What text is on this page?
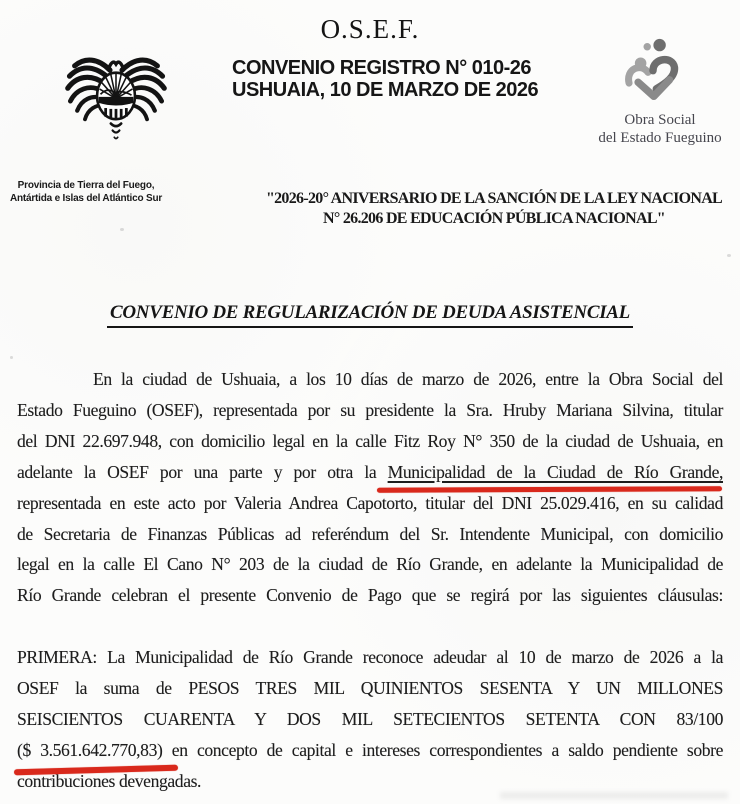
O.S.E.F.
CONVENIO REGISTRO N° 010-26
USHUAIA, 10 DE MARZO DE 2026
Provincia de Tierra del Fuego,
Antártida e Islas del Atlántico Sur
Obra Social
del Estado Fueguino
"2026-20° ANIVERSARIO DE LA SANCIÓN DE LA LEY NACIONAL
N° 26.206 DE EDUCACIÓN PÚBLICA NACIONAL"
CONVENIO DE REGULARIZACIÓN DE DEUDA ASISTENCIAL
En la ciudad de Ushuaia, a los 10 días de marzo de 2026, entre la Obra Social del
Estado Fueguino (OSEF), representada por su presidente la Sra. Hruby Mariana Silvina, titular
del DNI 22.697.948, con domicilio legal en la calle Fitz Roy N° 350 de la ciudad de Ushuaia, en
adelante la OSEF por una parte y por otra la Municipalidad de la Ciudad de Río Grande,
representada en este acto por Valeria Andrea Capotorto, titular del DNI 25.029.416, en su calidad
de Secretaria de Finanzas Públicas ad referéndum del Sr. Intendente Municipal, con domicilio
legal en la calle El Cano N° 203 de la ciudad de Río Grande, en adelante la Municipalidad de
Río Grande celebran el presente Convenio de Pago que se regirá por las siguientes cláusulas:
PRIMERA: La Municipalidad de Río Grande reconoce adeudar al 10 de marzo de 2026 a la
OSEF la suma de PESOS TRES MIL QUINIENTOS SESENTA Y UN MILLONES
SEISCIENTOS CUARENTA Y DOS MIL SETECIENTOS SETENTA CON 83/100
($ 3.561.642.770,83) en concepto de capital e intereses correspondientes a saldo pendiente sobre
contribuciones devengadas.
